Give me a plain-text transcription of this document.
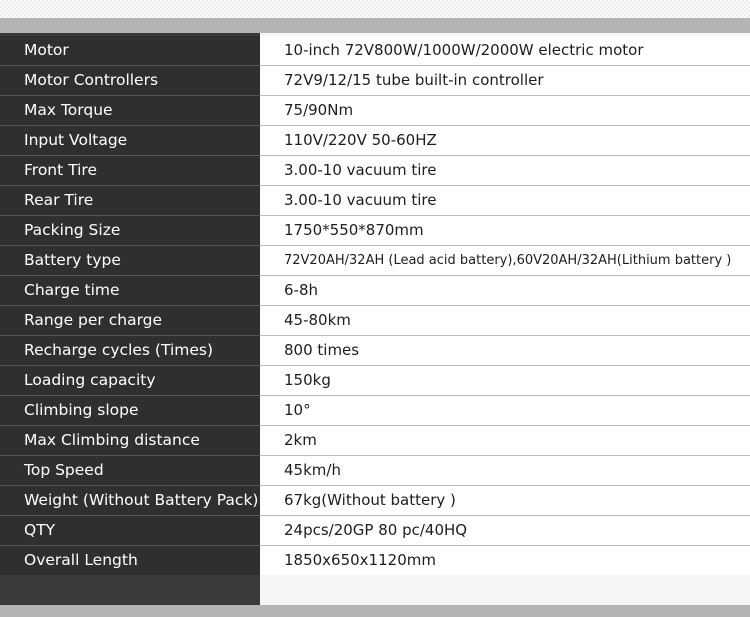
Motor	10-inch 72V800W/1000W/2000W electric motor
Motor Controllers	72V9/12/15 tube built-in controller
Max Torque	75/90Nm
Input Voltage	110V/220V 50-60HZ
Front Tire	3.00-10 vacuum tire
Rear Tire	3.00-10 vacuum tire
Packing Size	1750*550*870mm
Battery type	72V20AH/32AH (Lead acid battery),60V20AH/32AH(Lithium battery )
Charge time	6-8h
Range per charge	45-80km
Recharge cycles (Times)	800 times
Loading capacity	150kg
Climbing slope	10°
Max Climbing distance	2km
Top Speed	45km/h
Weight (Without Battery Pack)	67kg(Without battery )
QTY	24pcs/20GP 80 pc/40HQ
Overall Length	1850x650x1120mm
